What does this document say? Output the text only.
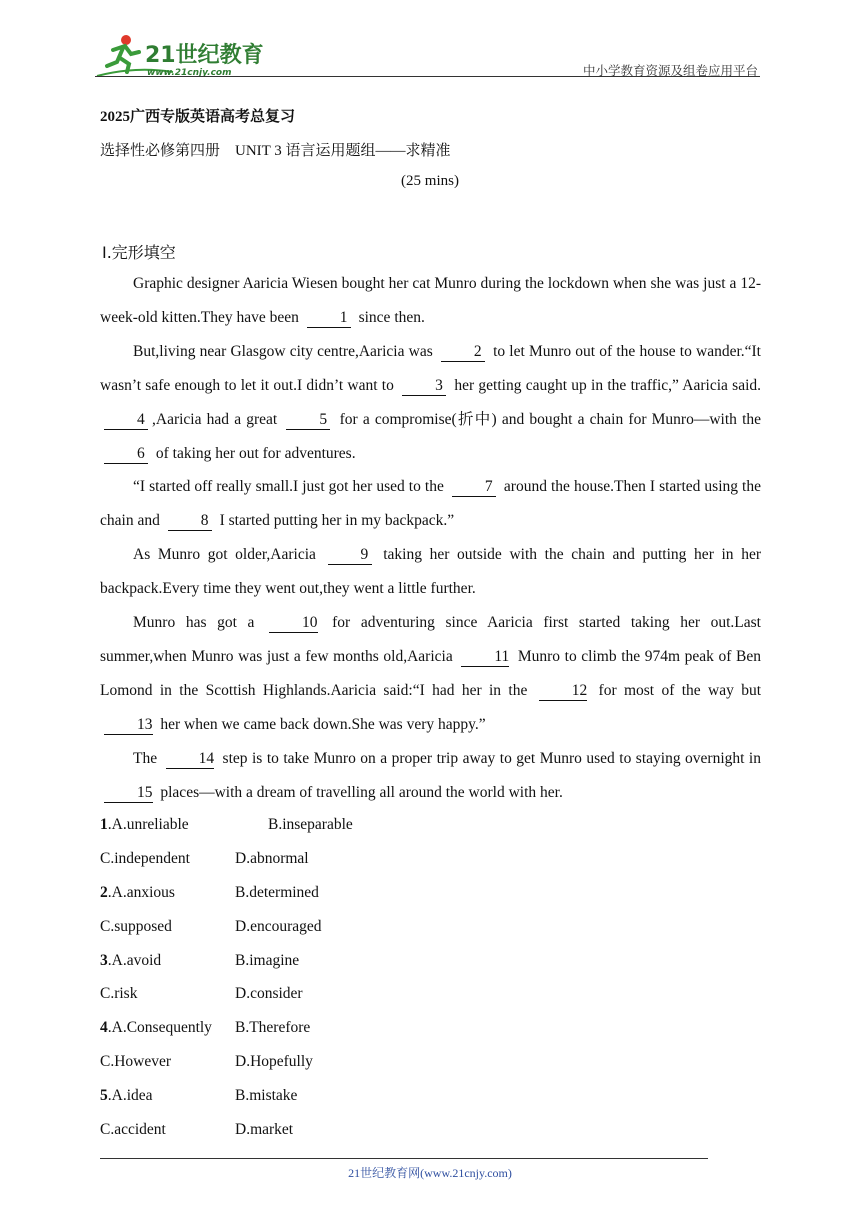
21世纪教育
www.21cnjy.com	中小学教育资源及组卷应用平台
2025广西专版英语高考总复习
选择性必修第四册　UNIT 3 语言运用题组——求精准
(25 mins)
Ⅰ.完形填空

Graphic designer Aaricia Wiesen bought her cat Munro during the lockdown when she was just a 12-week-old kitten.They have been 1 since then.

But,living near Glasgow city centre,Aaricia was 2 to let Munro out of the house to wander.“It wasn’t safe enough to let it out.I didn’t want to 3 her getting caught up in the traffic,” Aaricia said.4 ,Aaricia had a great 5 for a compromise(折中) and bought a chain for Munro—with the 6 of taking her out for adventures.

“I started off really small.I just got her used to the 7 around the house.Then I started using the chain and 8 I started putting her in my backpack.”

As Munro got older,Aaricia 9 taking her outside with the chain and putting her in her backpack.Every time they went out,they went a little further.

Munro has got a 10 for adventuring since Aaricia first started taking her out.Last summer,when Munro was just a few months old,Aaricia 11 Munro to climb the 974m peak of Ben Lomond in the Scottish Highlands.Aaricia said:“I had her in the 12 for most of the way but 13 her when we came back down.She was very happy.”

The 14 step is to take Munro on a proper trip away to get Munro used to staying overnight in 15 places—with a dream of travelling all around the world with her.

1.A.unreliable	B.inseparable
C.independent	D.abnormal
2.A.anxious	B.determined
C.supposed	D.encouraged
3.A.avoid	B.imagine
C.risk	D.consider
4.A.Consequently B.Therefore
C.However	D.Hopefully
5.A.idea	B.mistake
C.accident	D.market
21世纪教育网(www.21cnjy.com)
